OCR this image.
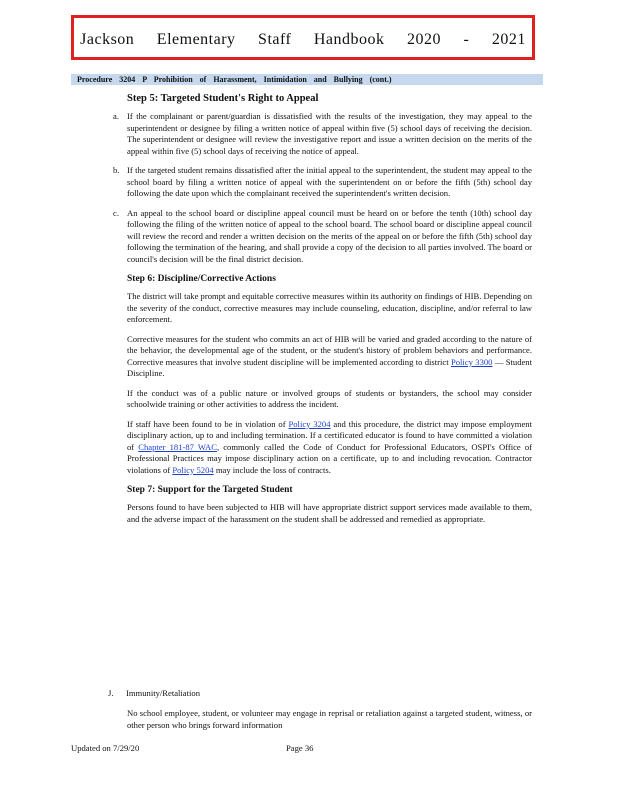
Jackson Elementary Staff Handbook 2020 - 2021
Procedure 3204 P Prohibition of Harassment, Intimidation and Bullying (cont.)
Step 5: Targeted Student's Right to Appeal
a. If the complainant or parent/guardian is dissatisfied with the results of the investigation, they may appeal to the superintendent or designee by filing a written notice of appeal within five (5) school days of receiving the decision. The superintendent or designee will review the investigative report and issue a written decision on the merits of the appeal within five (5) school days of receiving the notice of appeal.
b. If the targeted student remains dissatisfied after the initial appeal to the superintendent, the student may appeal to the school board by filing a written notice of appeal with the superintendent on or before the fifth (5th) school day following the date upon which the complainant received the superintendent's written decision.
c. An appeal to the school board or discipline appeal council must be heard on or before the tenth (10th) school day following the filing of the written notice of appeal to the school board. The school board or discipline appeal council will review the record and render a written decision on the merits of the appeal on or before the fifth (5th) school day following the termination of the hearing, and shall provide a copy of the decision to all parties involved. The board or council's decision will be the final district decision.
Step 6: Discipline/Corrective Actions

The district will take prompt and equitable corrective measures within its authority on findings of HIB. Depending on the severity of the conduct, corrective measures may include counseling, education, discipline, and/or referral to law enforcement.

Corrective measures for the student who commits an act of HIB will be varied and graded according to the nature of the behavior, the developmental age of the student, or the student's history of problem behaviors and performance. Corrective measures that involve student discipline will be implemented according to district Policy 3300 — Student Discipline.

If the conduct was of a public nature or involved groups of students or bystanders, the school may consider schoolwide training or other activities to address the incident.

If staff have been found to be in violation of Policy 3204 and this procedure, the district may impose employment disciplinary action, up to and including termination. If a certificated educator is found to have committed a violation of Chapter 181-87 WAC, commonly called the Code of Conduct for Professional Educators, OSPI's Office of Professional Practices may impose disciplinary action on a certificate, up to and including revocation. Contractor violations of Policy 5204 may include the loss of contracts.

Step 7: Support for the Targeted Student

Persons found to have been subjected to HIB will have appropriate district support services made available to them, and the adverse impact of the harassment on the student shall be addressed and remedied as appropriate.

J. Immunity/Retaliation
No school employee, student, or volunteer may engage in reprisal or retaliation against a targeted student, witness, or other person who brings forward information
Updated on 7/29/20	Page 36
